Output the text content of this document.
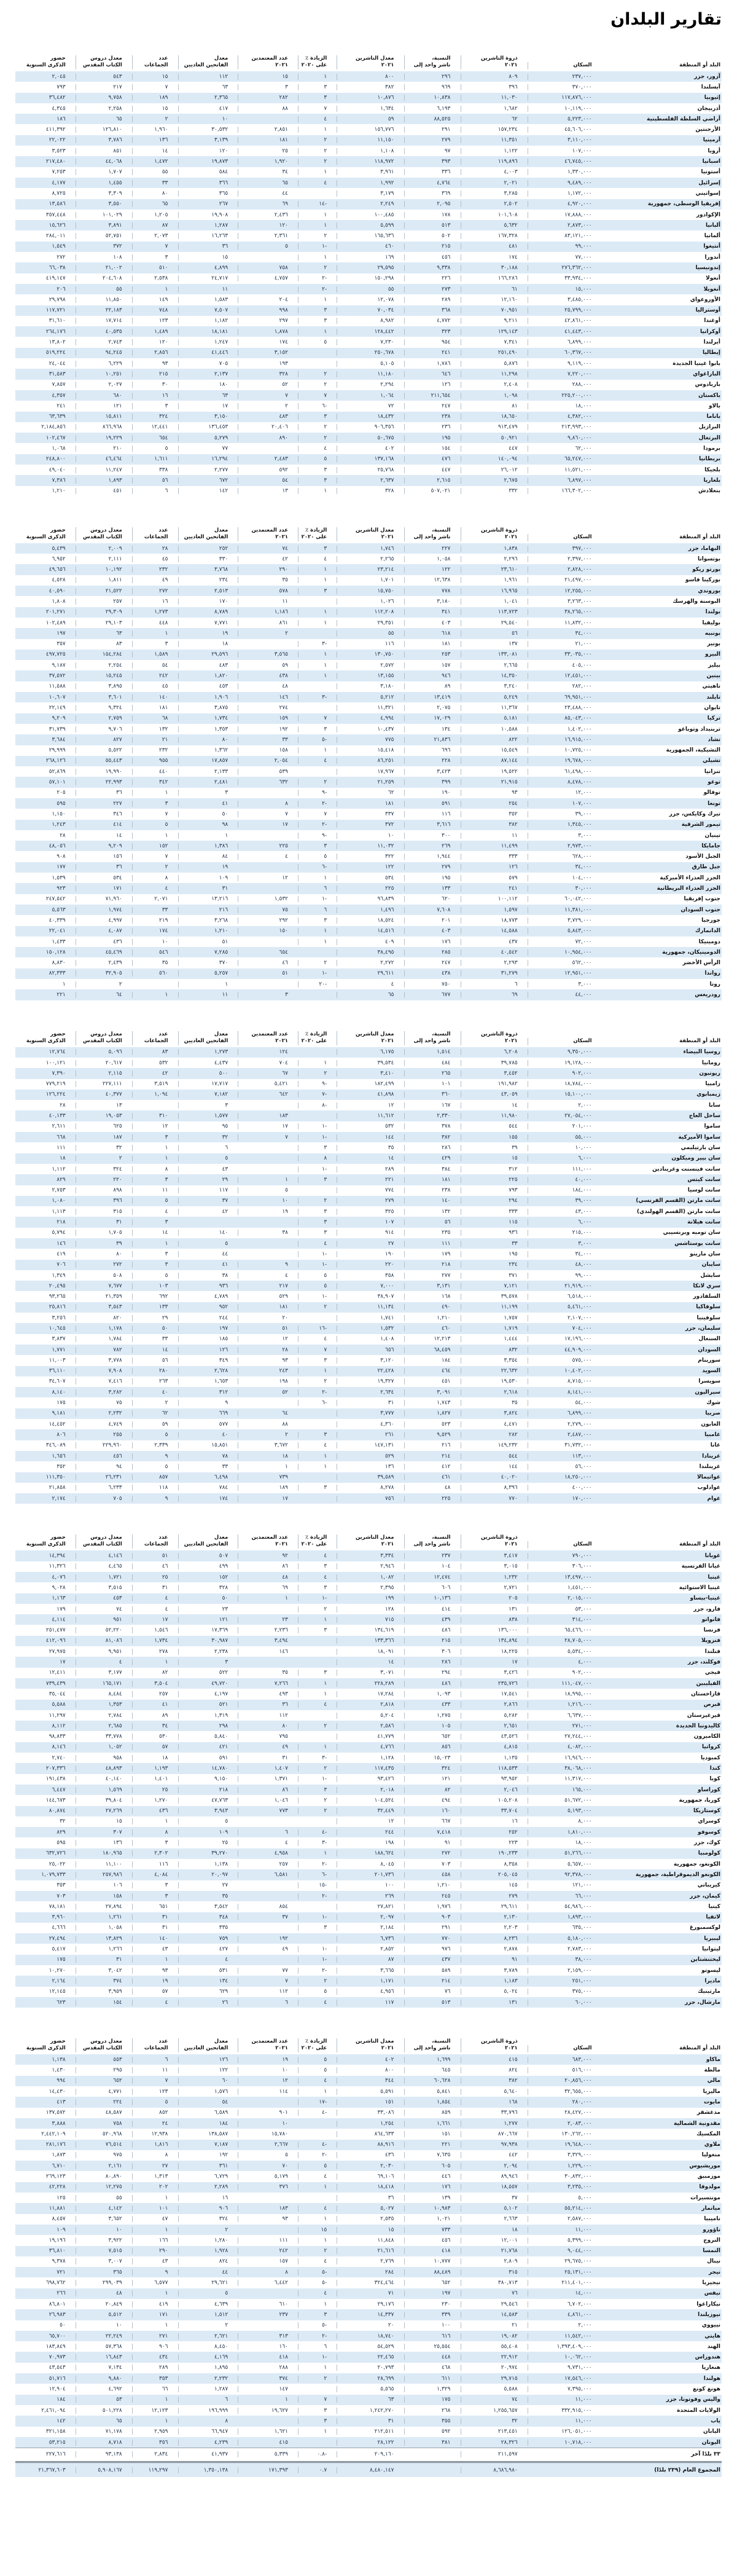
تقارير البلدان
البلد أو المنطقة
السكان
ذروة الناشرين
٢٠٢١
النسبة،
ناشر واحد إلى
معدل الناشرين
٢٠٢١
الزيادة ٪
على ٢٠٢٠
عدد المعتمدين
٢٠٢١
معدل
الفاتحين العاديين
عدد
الجماعات
معدل دروس
الكتاب المقدس
حضور
الذكرى السنوية
آزور، جزر
٢٣٧,٠٠٠
٨٠٩
٢٩٦
٨٠٠
١
١٥
١١٢
١٥
٥٤٣
٢,٠٤٥
آيسلندا
٣٧٠,٠٠٠
٣٩٦
٩٦٩
٣٨٢
٣
٣
٦٣
٧
٢١٧
٧٩٣
إثيوبيا
١١٧,٨٧٦,٠٠٠
١١,٠٣٠
١٠,٨٣٨
١٠,٨٧٦
٣
٢٨٢
٢,٣٦٥
١٨٩
٩,٧٥٨
٣٦,٤٨٢
أذربيجان
١٠,١١٩,٠٠٠
١,٦٨٢
٦,١٩٣
١,٦٣٤
٧
٨٨
٤١٧
١٥
٢,٢٥٨
٤,٣٤٥
أراضي السلطة الفلسطينية
٥,٢٢٣,٠٠٠
٦٢
٨٨,٥٢٥
٥٩
٤
١٠
٢
٦٥
١٨٦
الأرجنتين
٤٥,٦٠٦,٠٠٠
١٥٧,٢٣٤
٢٩١
١٥٦,٧٧٦
١
٢,٨٥١
٣٠,٥٣٢
١,٩٦٠
١٢٦,٨١٠
٤١١,٣٩٢
أرمينيا
٣,١١٠,٠٠٠
١١,٣٥١
٢٧٩
١١,١٥٠
٢
١٨١
٣,١٣٩
١٣٦
٣,٧٨٦
٢٢,٠٢٢
أروبا
١٠٧,٠٠٠
١,١٢٢
٩٧
١,١٠٨
٢
٢٥
١٢٠
١٤
٨٥١
٣,٥٢٣
اسبانيا
٤٦,٧٤٥,٠٠٠
١١٩,٨٩٦
٣٩٣
١١٨,٩٧٢
٢
١,٩٢٠
١٩,٨٧٣
١,٤٧٢
٤٤,٠٦٨
٢١٧,٤٨٠
أستونيا
١,٣٣٠,٠٠٠
٤,٠٠٣
٣٣٦
٣,٩٦١
١
٣٤
٥٨٤
٥٥
١,٧٠٧
٧,٢٥٣
إسرائيل
٩,٤٨٩,٠٠٠
٢,٠٢١
٤,٧٦٤
١,٩٩٢
٤
٦٥
٣٦٦
٣٣
١,٤٥٥
٤,١٧٧
إسواتيني
١,١٧٢,٠٠٠
٣,٢٨٥
٣٦٩
٣,١٧٩
٤٤
٣٦٥
٨٠
٣,٣٠٩
٨,٧٢٥
إفريقيا الوسطى، جمهورية
٤,٩٢٠,٠٠٠
٢,٥٠٢
٢,٠٩٥
٢,٢٤٩
-١٤
٦٩
٢٦٧
٦٥
٣,٥٥٠
١٣,٥٨٦
الإكوادور
١٧,٨٨٨,٠٠٠
١٠١,٦٠٨
١٧٨
١٠٠,٤٨٥
١
٢,٤٣٦
١٩,٩٠٨
١,٢٠٥
١٠١,٠٢٩
٣٥٧,٤٤٨
ألبانيا
٢,٨٧٣,٠٠٠
٥,٦٣٢
٥١٣
٥,٥٩٩
١
١٢٠
١,٢٨٧
٨٧
٣,٨٩١
١٥,٦٢٦
ألمانيا
٨٣,١٢١,٠٠٠
١٦٧,٣٢٨
٥٠٢
١٦٥,٦٣٦
٢
٢,٣٦١
١٦,٢٦٣
٢,٠٧٣
٥٢,٧٥١
٢٨٤,٠١١
أنتيغوا
٩٩,٠٠٠
٤٨١
٢١٥
٤٦٠
-١
٥
٣٦
٧
٣٧٢
١,٥٤٩
أندورا
٧٧,٠٠٠
١٧٤
٤٥٦
١٦٩
١
١٥
٣
١٠٨
٢٧٢
إندونيسيا
٢٧٦,٣٦٢,٠٠٠
٣٠,١٨٨
٩,٣٣٨
٢٩,٥٩٥
٢
٧٥٨
٤,٨٩٩
٥١٠
٢١,٠٠٢
٦٦,٠٣٨
أنغولا
٣٣,٩٣٤,٠٠٠
١٦٦,٢٨٦
٢٢٦
١٥٠,٢٩٨
-٢
٤,٧٥٧
٢٤,٧١٧
٢,٥٣٨
٢٠٤,٦٠٨
٤١٩,١٤٧
أنغويلا
١٥,٠٠٠
٦١
٢٧٣
٥٥
-٢
١١
١
٥٥
٢٠٦
الأوروغواي
٣,٤٨٥,٠٠٠
١٢,١٦٠
٢٨٩
١٢,٠٧٨
١
٢٠٤
١,٥٨٣
١٤٩
١١,٨٥٠
٢٩,٧٩٨
أوستراليا
٢٥,٧٩٩,٠٠٠
٧٠,٩٥١
٣٦٨
٧٠,٠٣٤
٣
٩٩٨
٧,٥٠٧
٧٤٨
٢٢,١٨٣
١١٧,٧٢١
أوغندا
٤٢,٨٦١,٠٠٠
٩,٢١١
٤,٧٧٢
٨,٩٨٢
٣
٢٩٧
١,١٨٢
١٢٣
١٧,٧١٤
٣١,٦١٠
أوكرانيا
٤١,٤٤٣,٠٠٠
١٢٩,١٤٣
٣٢٣
١٢٨,٤٤٢
١
١,٨٧٨
١٨,١٨١
١,٤٨٩
٤٠,٥٣٥
٢٦٤,١٧٦
أيرلندا
٦,٨٩٩,٠٠٠
٧,٣٤١
٩٥٤
٧,٢٣٠
٥
١٧٤
١,٢٤٧
١٢٠
٢,٧٤٣
١٣,٨٠٢
إيطاليا
٦٠,٣٦٧,٠٠٠
٢٥١,٤٩٠
٢٤١
٢٥٠,٦٧٨
٣,١٥٢
٤١,٤٤٦
٢,٨٥٦
٩٤,٢٤٥
٥١٩,٢٢٤
بابوا غينيا الجديدة
٩,١١٩,٠٠٠
٥,٨٧٦
١,٧٨٦
٥,١٠٥
١٩٣
٧٠٥
٩٣
٦,٢٢٩
٢٤,٠٤٤
الباراغواي
٧,٢٢٠,٠٠٠
١١,٢٩٨
٦٤٦
١١,١٨٠
٢
٣٢٨
٢,١٣٧
٢١٥
١٠,٢٥١
٣١,٥٨٣
باربادوس
٢٨٨,٠٠٠
٢,٤٠٨
١٢٦
٢,٢٩٤
٢
٥٢
١٨٠
٣٠
٢,٠٢٧
٧,٨٥٧
باكستان
٢٢٥,٢٠٠,٠٠٠
١,٠٩٨
٢١١,٦٥٤
١,٠٦٤
٧
٧
٦٣
١٦
٦٨٠
٤,٣٥٧
بالاو
١٨,٠٠٠
٨١
٢٤٧
٧٢
-٦
٢
١٧
٣
١٢١
٢٤١
باناما
٤,٣٨٢,٠٠٠
١٨,٦٥٠
٢٣٨
١٨,٤٣٢
٣
٤٨٣
٣,١٥٠
٣٢٤
١٥,٨١١
٦٣,٦٣٩
البرازيل
٢١٣,٩٩٣,٠٠٠
٩١٣,٤٧٩
٢٣٦
٩٠٦,٣٥٦
٢
٢٠,٤٠٦
١٣٦,٤٥٣
١٢,٤٤١
٨٦٦,٩٦٨
٢,١٨٤,٨٥٦
البرتغال
٩,٨٦٠,٠٠٠
٥٠,٩٢١
١٩٥
٥٠,٦٧٥
٢
٨٩٠
٥,٢٧٩
٦٥٤
١٩,٢٢٩
١٠٢,٤٦٧
برمودا
٦٢,٠٠٠
٤٤٧
١٥٤
٤٠٢
٤
٧٧
٥
٢١٠
١,٠٦٨
بريطانيا
٦٥,٢٤٧,٠٠٠
١٤٠,٠٩٤
٤٧٦
١٣٧,١٦٨
٥
٢,٤٨٣
١٦,٢٩٤
١,٦١١
٤٦,٤٦٤
٢٤٨,٨٠٠
بلجيكا
١١,٥٢١,٠٠٠
٢٦,٠١٢
٤٤٧
٢٥,٧٦٨
٣
٥٩٢
٢,٢٧٧
٣٣٨
١١,٢٤٧
٤٩,٠٤٠
بلغاريا
٦,٨٩٧,٠٠٠
٢,٦٧٥
٢,٦١٥
٢,٦٣٧
٣
٥٤
٦٧٢
٥٦
١,٨٩٣
٧,٣٨٦
بنغلادش
١٦٦,٣٠٢,٠٠٠
٣٣٢
٥٠٧,٠٢١
٣٢٨
١
١٣
١٤٢
٦
٤٥١
١,٢١٠
البلد أو المنطقة
السكان
ذروة الناشرين
٢٠٢١
النسبة،
ناشر واحد إلى
معدل الناشرين
٢٠٢١
الزيادة ٪
على ٢٠٢٠
عدد المعتمدين
٢٠٢١
معدل
الفاتحين العاديين
عدد
الجماعات
معدل دروس
الكتاب المقدس
حضور
الذكرى السنوية
البهاما، جزر
٣٩٧,٠٠٠
١,٨٣٨
٢٢٧
١,٧٤٦
٣
٧٤
٢٥٢
٢٨
٢,٠٠٩
٥,٤٣٩
بوتسوانا
٢,٣٩٧,٠٠٠
٢,٢٩٦
١,٠٥٨
٢,٢٦٥
٤
٤٢
٣٣٠
٤٥
٢,١١١
٦,٩٥٢
بورتو ريكو
٢,٨٢٨,٠٠٠
٢٣,٦١٠
١٢٢
٢٣,٢١٤
١
٢٩٠
٣,٧٦٨
٢٣٢
١٠,١٩٢
٤٩,٦٥٦
بوركينا فاسو
٢١,٤٩٧,٠٠٠
١,٩٦١
١٢,٦٣٨
١,٧٠١
١
٣٥
٢٣٤
٤٩
١,٨١١
٤,٥٢٨
بوروندي
١٢,٢٥٥,٠٠٠
١٦,٩٦٥
٧٧٨
١٥,٧٥٠
٣
٥٧٨
٢,٥١٣
٢٧٢
٢١,٥٢٢
٤٠,٥٩٠
البوسنة والهرسك
٣,٢٦٣,٠٠٠
١,٠٤١
٣,١٨٠
١,٠٢٦
١١
١٧٠
١٦
٢٥٧
١,٨٠٨
بولندا
٣٨,٢٦٥,٠٠٠
١١٣,٧٢٣
٣٤١
١١٢,٢٠٨
١
١,١٨٦
٨,٧٨٩
١,٢٧٣
٢٩,٣٠٩
٢٠١,٢٧١
بوليفيا
١١,٨٣٢,٠٠٠
٢٩,٥٤٠
٤٠٣
٢٩,٣٥١
١
٨٦١
٧,٧٧١
٤٤٨
٢٩,١٠٣
١٠٢,٤٨٩
بونبيه
٣٤,٠٠٠
٥٦
٦١٨
٥٥
٢
١٩
١
٦٣
١٩٧
بونير
٢١,٠٠٠
١٣٧
١٨١
١١٦
-٣
١٨
٣
٨٣
٣٥٧
البيرو
٣٣,٠٣٥,٠٠٠
١٣٣,٠٨١
٢٥٣
١٣٠,٧٥٠
١
٣,٥٦٥
٢٩,٥٩٦
١,٥٨٩
١٥٤,٢٨٤
٤٩٧,٧٢٥
بيليز
٤٠٥,٠٠٠
٢,٦٦٥
١٥٧
٢,٥٧٢
١
٥٩
٤٨٣
٥٤
٢,٢٥٤
٩,١٨٧
بينين
١٢,٤٥١,٠٠٠
١٤,٣٥٠
٩٤٦
١٣,١٥٥
١
٤٣٨
١,٨٢٠
٢٤٢
١٥,٢٤٥
٣٧,٥٧٢
تاهيتي
٢٨٢,٠٠٠
٣,٢٤٠
٨٩
٣,١٨٠
٤٨
٤٥٣
٤٥
٣,٨٩٥
١١,٥٨٨
تايلند
٦٩,٩٥١,٠٠٠
٥,٢٤٩
١٣,٤١٩
٥,٢١٢
-٣
١٤٦
١,٩٠٦
١٤٠
٣,٦٠١
١٠,٦٠٧
تايوان
٢٣,٤٨٨,٠٠٠
١١,٣٦٧
٢,٠٧٥
١١,٣٢١
٢٧٤
٣,٨٧٥
١٨١
٩,٣٢٤
٢٢,١٤٩
تركيا
٨٥,٠٤٣,٠٠٠
٥,١٨١
١٧,٠٢٩
٤,٩٩٤
٧
١٥٩
١,٧٣٤
٦٨
٢,٧٥٩
٩,٢٠٩
ترينيداد وتوباغو
١,٤٠٢,٠٠٠
١٠,٥٨٨
١٣٤
١٠,٤٣٧
٣
١٩٢
١,٣٥٣
١٣٢
٩,٧٠٦
٣١,٧٣٩
تشاد
١٦,٩١٥,٠٠٠
٨٢٢
٢١,٨٣٦
٧٧٥
-٥
٣٣
٨٠
٢١
٨٢٧
٣,٦٨٤
التشيكية، الجمهورية
١٠,٧٢٥,٠٠٠
١٥,٥٤٩
٦٩٦
١٥,٤١٨
١
١٥٨
١,٣٦٢
٢٣٢
٥,٥٢٢
٢٩,٩٩٩
تشيلي
١٩,٦٧٨,٠٠٠
٨٧,١٤٤
٢٢٨
٨٦,٢٥١
٤
٢,٠٥٤
١٧,٨٥٧
٩٥٥
٥٥,٤٤٣
٢٦٨,١٢٦
تنزانيا
٦١,٤٩٨,٠٠٠
١٩,٥٢٢
٣,٤٢٣
١٧,٩٦٧
٥٣٩
٢,١٣٣
٤٤٠
١٩,٩٩٠
٥٢,٨٦٩
توغو
٨,٤٧٨,٠٠٠
٢١,٩١٥
٣٩٩
٢١,٢٥٩
٢
٦٣٢
٢,٤٨١
٣٤٢
٢٢,٩٩٣
٥٧,١٠١
توفالو
١٢,٠٠٠
٩٣
١٩٠
٦٢
-٩
٣
١
٣٦
٢٠٥
تونغا
١٠٧,٠٠٠
٢٥٤
٥٩١
١٨١
-٢
٨
٤١
٣
٢٢٧
٥٩٥
تيرك وكايكس، جزر
٣٩,٠٠٠
٣٥٢
١١٦
٣٣٧
٧
٧
٥٠
٧
٣٤٦
١,١٥٠
تيمور الشرقية
١,٣٤٥,٠٠٠
٣٨٢
٣,٦١٦
٣٧٢
-٢
١٧
٩٨
٥
٤١٤
١,٢٤٣
تينيان
٣,٠٠٠
١١
٣٠٠
١٠
-٩
١
١
١٤
٢٨
جامايكا
٢,٩٧٣,٠٠٠
١١,٤٩٩
٢٦٩
١١,٠٣٢
٣
٢٢٥
١,٣٨٦
١٥٢
٩,٢٠٩
٤٨,٠٥٦
الجبل الأسود
٦٢٨,٠٠٠
٣٣٣
١,٩٤٤
٣٢٢
٥
٤
٨٤
٧
١٥٦
٩٠٨
جبل طارق
٣٤,٠٠٠
١٢٦
٢٧٩
١٢٢
-٦
١٩
٢
٣٦
١٧٧
الجزر العذراء الأميركية
١٠٤,٠٠٠
٥٧٩
١٩٥
٥٣٤
١
١٢
١٠٩
٨
٥٣٤
١,٥٣٩
الجزر العذراء البريطانية
٣٠,٠٠٠
٢٤١
١٣٣
٢٢٥
٦
٣١
٤
١٧١
٩٢٣
جنوب إفريقيا
٦٠,٠٤٢,٠٠٠
١٠٠,١١٢
٦٢٠
٩٦,٨٣٩
-١
١,٥٣٢
١٣,٢١٦
٢,٠٧١
٧١,٩٦٠
٢٤٧,٥٤٢
جنوب السودان
١١,٣٨١,٠٠٠
١,٥٩٧
٧,٦٠٨
١,٤٩٦
٦
٧٥
٢١٦
٣٣
١,٩٧٤
٥,٥٦٣
جورجيا
٣,٧٢٩,٠٠٠
١٨,٧٧٣
٢٠١
١٨,٥٢٤
٣
٢٩٢
٣,٢٦٨
٢١٩
٤,٩٩٧
٤٠,٣٣٩
الدانمارك
٥,٨٤٣,٠٠٠
١٤,٥٨٨
٤٠٣
١٤,٥١٦
١
١٥٠
١,٢١٠
١٧٤
٤,٠٨٧
٢٢,٠٤١
دومينيكا
٧٢,٠٠٠
٤٣٧
١٧٦
٤٠٩
١
٥١
١٠
٤٣٦
١,٤٣٣
الدومينيكان، جمهورية
١٠,٩٥٤,٠٠٠
٤٠,٥٤٢
٢٨٥
٣٨,٤٩٥
٦٥٤
٧,٢٨٥
٥٤٦
٤٥,٤٦٩
١٥٠,١٢٨
الرأس الأخضر
٥٦٢,٠٠٠
٢,٢٩٣
٢٤٧
٢,٢٧٢
٢
٤٦
٣٧٠
٣٥
٢,٤٣٩
٨,٨٣٠
رواندا
١٢,٩٥١,٠٠٠
٣١,٢٧٩
٤٣٨
٢٩,٦١١
-١
٥١
٥,٢٥٧
٥٦٠
٣٢,٩٠٥
٨٢,٣٣٣
روتا
٣,٠٠٠
٦
٧٥٠
٤
-٢٠
١
٢
١
رودريغس
٤٤,٠٠٠
٦٩
٦٧٧
٦٥
٣
١١
١
٦٤
٢٢١
البلد أو المنطقة
السكان
ذروة الناشرين
٢٠٢١
النسبة،
ناشر واحد إلى
معدل الناشرين
٢٠٢١
الزيادة ٪
على ٢٠٢٠
عدد المعتمدين
٢٠٢١
معدل
الفاتحين العاديين
عدد
الجماعات
معدل دروس
الكتاب المقدس
حضور
الذكرى السنوية
روسيا البيضاء
٩,٣٥٠,٠٠٠
٦,٢٠٨
١,٥١٤
٦,١٧٥
١٢٤
١,٢٧٣
٨٣
٥,٠٩٦
١٢,٧٦٤
رومانيا
١٩,١٢٨,٠٠٠
٣٩,٧٨٥
٤٨٤
٣٩,٥٣٤
١
٧٠٤
٤,٤٣٧
٥٣٢
٢٠,٦١٧
١٠٠,١٢١
ريونيون
٩٠٢,٠٠٠
٣,٤٥٢
٢٦٥
٣,٤١٠
٢
٦٧
٥٠٠
٤٢
٢,١١٥
٧,٣٩٠
زامبيا
١٨,٧٨٤,٠٠٠
١٩١,٩٨٢
١٠١
١٨٢,٤٩٩
-٩
٥,٤٢١
١٧,٧١٧
٣,٥١٩
٢٢٧,١١١
٧٧٩,٢١٩
زيمبابوي
١٥,١٠٠,٠٠٠
٤٣,٠٥٩
٣٦٠
٤١,٨٩٨
-٧
٦٤٢
٧,١٨٢
١,٠٩٤
٤٠,٣٧٧
١٢٦,٢٢٤
سابا
٢,٠٠٠
١٤
١٦٧
١٢
-٨
٣
١٣
٢٨
ساحل العاج
٢٧,٠٥٤,٠٠٠
١١,٩٨٠
٢,٣٣٠
١١,٦١٢
١٨٣
١,٥٧٧
٣١٠
١٩,٠٥٣
٤٠,١٣٣
ساموا
٢٠١,٠٠٠
٥٤٤
٣٧٨
٥٣٢
-١
١٧
٩٥
١٢
٦٢٥
٢,٦١١
ساموا الأميركية
٥٥,٠٠٠
١٥٥
٣٨٢
١٤٤
-١
٧
٣٢
٣
١٨٧
٦٦٨
سان بارتيليمي
١٠,٠٠٠
٣٩
٢٨٦
٣٥
٣
٦
١
٣٢
١١١
سان بيير وميكلون
٦,٠٠٠
١٥
٤٢٩
١٤
٨
٥
١
٢
١٨
سانت فينسنت وغرينادين
١١١,٠٠٠
٣١٢
٣٨٤
٢٨٩
-١
٤٣
٨
٣٢٤
١,١١٢
سانت كيتس
٤٠,٠٠٠
٢٢٥
١٨١
٢٢١
٣
١
٢٩
٣
٢٢٠
٨٢٩
سانت لوسيا
١٨٤,٠٠٠
٧٩٣
٢٣٨
٧٧٤
٥
١١٧
١١
٨٩٨
٢,٧٥٣
سانت مارتن (القسم الفرنسي)
٣٩,٠٠٠
٢٩٤
١٤٠
٢٧٩
٢
١٠
٣٧
٥
٣٩٦
١,٠٨٠
سانت مارتن (القسم الهولندي)
٤٣,٠٠٠
٣٣٣
١٣٢
٣٢٥
٣
١٩
٤٢
٤
٣١٥
١,١١٣
سانت هيلانة
٦,٠٠٠
١١٥
٥٦
١٠٧
٣
٣
٣١
٢١٨
سان توميه وبرنسيبي
٢١٥,٠٠٠
٩٣٦
٢٣٥
٩١٤
٣
٣٨
١٤٠
١٤
١,٧٠٥
٥,٧٩٤
سانت يوستاشس
٣,٠٠٠
٣٣
١١١
٢٧
٤
٥
١
٣٩
١٤٦
سان مارينو
٣٤,٠٠٠
١٩٥
١٧٩
١٩٠
-١
٤٤
٣
٨٠
٤١٩
سايبان
٤٨,٠٠٠
٢٣٤
٢١٨
٢٢٠
-١
٩
٤١
٣
٢٧٢
٧٠٦
سايشل
٩٩,٠٠٠
٣٧١
٢٧٧
٣٥٨
٥
٤
٣٨
٥
٥٠٨
١,٣٤٩
سري لانكا
٢١,٩١٩,٠٠٠
٧,١٢١
٣,١٣١
٧,٠٠٠
٥
٢١٧
٩٣٦
١٠٣
٧,٦٧٧
٢٠,٤٩٥
السلفادور
٦,٥١٨,٠٠٠
٣٩,٥٧٨
١٦٨
٣٨,٩٠٧
-١
٥٢٩
٤,٧٨٩
٦٩٢
٢١,٣٥٩
٩٣,٢٦٥
سلوفاكيا
٥,٤٦١,٠٠٠
١١,١٩٩
٤٩٠
١١,١٣٤
٢
١٨١
٩٥٢
١٣٣
٣,٥٤٣
٢٥,٨١٦
سلوفينيا
٢,١٠٧,٠٠٠
١,٧٥٧
١,٢١٠
١,٧٤١
٢٠
٢٤٤
٢٩
٨٢٠
٣,٢٥٦
سليمان، جزر
٧٠٤,٠٠٠
١,٧١٩
٤٦٠
١,٥٣٢
-١٦
٥١
١٩٧
٥٠
١,١٧٨
١٠,٦٤٥
السنغال
١٧,١٩٦,٠٠٠
١,٤٤٤
١٢,٢١٣
١,٤٠٨
٤
١٢
١٨٥
٣٣
١,٧٨٤
٣,٨٣٧
السودان
٤٤,٩٠٩,٠٠٠
٨٣٢
٦٨,٤٥٩
٦٥٦
٧
٢٨
١٢٦
١٤
٧٨٢
١,٧٧١
سورينام
٥٧٥,٠٠٠
٣,٣٥٤
١٨٤
٣,١٢٠
٣
٩٣
٣٤٩
٥٦
٣,٧٧٨
١١,٠٠٣
السويد
١٠,٤٠٢,٠٠٠
٢٢,٦٣٢
٤٦٤
٢٢,٤٢٨
١
٢٤٣
٢,٦٢٨
٢٨٠
٧,٩٠٨
٣٦,١١٠
سويسرا
٨,٧١٥,٠٠٠
١٩,٥٣٠
٤٥١
١٩,٣٢٧
٢
١٩٨
١,٦٥٣
٢٦٣
٧,٤١٦
٣٤,٦٠٧
سيراليون
٨,١٤١,٠٠٠
٢,٦١٨
٣,٠٩١
٢,٦٣٤
-٢
٥٢
٣١٢
٤٠
٣,٢٨٢
٨,١٤٠
شوك
٥٤,٠٠٠
٣٥
١,٧٤٣
٣١
-٦
٩
٢
٧٥
١٧٥
صربيا
٦,٨٩٩,٠٠٠
٣,٨٢٤
١,٨٢٧
٣,٧٧٧
٦٤
٦٦٩
٦٢
٢,٢٣٢
٩,١٨١
الغابون
٢,٢٧٩,٠٠٠
٤,٤٧١
٥٢٣
٤,٣٦٠
٨٨
٥٧٧
٥٩
٤,٧٤٩
١٤,٤٥٢
غامبيا
٢,٤٨٧,٠٠٠
٢٨٢
٩,٥٢٩
٢٦١
٣
٢
٤٠
٥
٢٥٥
٨٠٦
غانا
٣١,٧٣٢,٠٠٠
١٤٩,٢٣٢
٢١٦
١٤٧,١٣١
٤
٣,٦٧٢
١٥,٨٥١
٢,٣٣٩
٢٢٩,٩٦٠
٣٤٦,٠٨٩
غرينادا
١١٣,٠٠٠
٥٤٤
٢١٤
٥٢٩
١
١٨
٧٨
٩
٤٥٦
١,٦٥٦
غرينلندا
٥٦,٠٠٠
١٤٤
٤١٢
١٣٦
١
١
٣٣
٥
٩٤
٣٥٢
غواتيمالا
١٨,٢٥٠,٠٠٠
٤٠,٠٢٠
٤٦١
٣٩,٥٨٩
٧٣٩
٦,٤٩٨
٨٥٧
٢٦,٢٣١
١١١,٣٥٠
غوادلوب
٤٠٠,٠٠٠
٨,٣٩٦
٤٨
٨,٢٧٨
٣
١٨٩
٧٨٤
١١٨
٦,٢٣٣
٢١,٨٥٨
غوام
١٧٠,٠٠٠
٧٧٠
٢٢٥
٧٥٦
١٧
١٧٤
٩
٧٠٥
٢,١٧٤
البلد أو المنطقة
السكان
ذروة الناشرين
٢٠٢١
النسبة،
ناشر واحد إلى
معدل الناشرين
٢٠٢١
الزيادة ٪
على ٢٠٢٠
عدد المعتمدين
٢٠٢١
معدل
الفاتحين العاديين
عدد
الجماعات
معدل دروس
الكتاب المقدس
حضور
الذكرى السنوية
غويانا
٧٩٠,٠٠٠
٣,٤١٧
٢٣٧
٣,٣٣٤
٤
٩٢
٥٠٧
٥١
٤,١٤٦
١٤,٣٩٤
غيانا الفرنسية
٣٠٦,٠٠٠
٣,٠١٥
١٠٤
٢,٩٤٦
٣
٨٦
٤٩٩
٤٦
٤,٤٦٥
١١,٣٢٦
غينيا
١٣,٤٩٧,٠٠٠
١,٢٣٢
١٢,٤٧٤
١,٠٨٢
٤
٤٨
١٥٢
٢٥
١,٧٢١
٤,٠٧٦
غينيا الاستوائية
١,٤٥١,٠٠٠
٢,٧٢١
٦٠٦
٢,٣٩٥
٣
٦٩
٣٢٨
٣١
٣,٥١٥
٩,٠٢٨
غينيا-بيساو
٢,٠١٥,٠٠٠
٢٠٥
١٠,١٣٦
١٩٩
-١
١
٥٠
٤
٤٥٣
١,١٦٣
فارو، جزر
٥٣,٠٠٠
١٣١
٤١٤
١٢٨
٢
٢٣
٤
٧٤
١٧٩
فانواتو
٣١٤,٠٠٠
٨٣٨
٤٣٩
٧١٥
١
٢٣
١٢١
١٧
٩٥١
٤,١١٤
فرنسا
٦٥,٤٦٦,٠٠٠
١٣٦,٠٠٠
٤٨٦
١٣٤,٦١٩
٣
٢,٢٣٦
١٧,٣٦٩
١,٥٤٦
٥٢,٢٢٠
٢٥١,٤٧٧
فنزويلا
٢٨,٧٠٥,٠٠٠
١٣٤,٨٩٤
٢١٥
١٣٣,٣٦٦
٣,٤٩٤
٣٠,٩٨٧
١,٧٣٤
٨١,٠٨٦
٤١٢,٠٩٦
فنلندا
٥,٥٣٤,٠٠٠
١٨,٢٢٥
٣٠٦
١٨,٠٩١
١٤٦
٢,٢٣٨
٢٧٨
٩,٩٥١
٢٧,٩٧٥
فوكلند، جزر
٤,٠٠٠
١٧
٢٨٦
١٤
٣
١
٤
١٧
فيجي
٩٠٢,٠٠٠
٣,٤٢٦
٢٩٤
٣,٠٧١
٣
٣٥
٥٢٢
٨٢
٣,١٧٧
١٢,٤١١
الفيليبين
١١١,٠٤٧,٠٠٠
٢٣٥,٧٢٦
٤٨٦
٢٢٨,٢٨٩
١
٧,٢٦٦
٤٩,٧٢٠
٣,٥٠٤
١٦٥,١٧١
٧٣٩,٤٣٩
قازاخستان
١٨,٩٩٥,٠٠٠
١٧,٥٤١
١,٠٩٣
١٧,٢٨٤
١
٤٩٣
٤,١٩٧
٢٥٧
٨,٤٨٤
٣٥,٠٤٤
قبرص
١,٢١٦,٠٠٠
٢,٨٦٦
٤٣٣
٢,٨١٨
٤
٣٦
٥٢١
٤١
١,٣٥٣
٥,٥٨٨
قيرغيزستان
٦,٦٣٧,٠٠٠
٥,٢٨٢
١,٢٧٥
٥,٢٠٤
١١٢
١,٣١٩
٨٩
٢,٧٨٤
١١,٢٩٧
كاليدونيا الجديدة
٢٧١,٠٠٠
٢,٦٥١
١٠٥
٢,٥٨٦
٢
٨٠
٢٩٨
٣٤
٢,٦٨٥
٨,١١٢
الكاميرون
٢٧,٢٤٤,٠٠٠
٤٣,٥٢٦
٦٥٢
٤١,٧٧٩
٧٩٥
٥,٨٤٠
٥٣٠
٣٣,٧٧٨
٩٨,٨٣٣
كرواتيا
٤,٠٨٢,٠٠٠
٤,٨١٥
٨٥٦
٤,٧٦٦
١
٤٩
٤٢١
٥٧
١,٠٥٢
٨,١٤٦
كمبوديا
١٦,٩٤٦,٠٠٠
١,١٣٥
١٥,٠٢٣
١,١٢٨
-٣
٣١
٥٩١
١٨
٩٥٨
٢,٧٤٠
كندا
٣٨,٠٦٨,٠٠٠
١١٨,٥٣٣
٣٢٤
١١٧,٤٣٥
٢
١,٤٠٧
١٤,٧٨٠
١,١٩٣
٤٨,٨٩٣
٢٠٧,٣٣٦
كوبا
١١,٣١٧,٠٠٠
٩٣,٩٥٢
١٢١
٩٣,٤٢٦
-١
١,٣٧١
٩,١٥٠
١,٤٠١
٤٠,١٤٠
١٩١,٤٣٨
كوراساو
١٦٥,٠٠٠
٢,٠٤٦
٨٢
٢,٠١٨
٣
٨٦
٢١٨
٢٥
١,٥٦٩
٦,٤٤٧
كوريا، جمهورية
٥١,٦٧٢,٠٠٠
١٠٥,٢٠٨
٤٩٤
١٠٤,٥٢٤
٢
١,٠٤٦
٤٧,٧٦٣
١,٢٧٠
٣٩,٨٠٤
١٤٤,٦٧٣
كوستاريكا
٥,١٩٣,٠٠٠
٣٣,٧٠٤
١٦٠
٣٢,٤٤٩
٢
٧٧٣
٣,٩٤٣
٤٣٦
٢٧,٢٦٩
٨٠,٨٧٤
كوسراي
٨,٠٠٠
١٦
٦٦٧
١٢
٥
١
١٥
٣٢
كوسوفو
١,٨١٠,٠٠٠
٢٥٢
٧,٤١٨
٢٤٤
-٤
٦
١٠٩
٨
٣٠٧
٨٢٩
كوك، جزر
١٨,٠٠٠
٢٢٣
٩١
١٩٨
-٣
٤
٢٥
٣
١٣٦
٥٩٥
كولومبيا
٥١,٢٦٦,٠٠٠
١٩٠,٢٣٣
٢٧٢
١٨٨,٦٢٤
١
٤,٩٥٨
٣٩,٢٧٠
٢,٣٠٢
١٨٠,٩٦٥
٦٣٢,٧٢٦
الكونغو، جمهورية
٥,٦٥٧,٠٠٠
٨,٣٥٨
٧٠٣
٨,٠٤٥
-٢
٢٥٧
١,١٣٨
١١٦
١١,١٠٠
٢٥,٠٢٢
الكونغو الديموقراطية، جمهورية
٩٢,٣٧٨,٠٠٠
٢٠٥,٠٤٥
٤٥٨
٢٠١,٧٣٦
-٦
٦,٥٨١
٢٠,٠٩٧
٤,٠٨٤
٢٥٧,٩٨٦
١,٠٧٩,٧٣٣
كيريباتي
١٢١,٠٠٠
١٤٥
١,٢١٠
١٠٠
-١٥
٢٧
٣
١٠٦
٣٥٣
كيمان، جزر
٦٦,٠٠٠
٢٧٩
٢٤٥
٢٦٩
-٢
٣٥
٣
١٥٨
٧٠٣
كينيا
٥٤,٩٨٦,٠٠٠
٢٩,٦١١
١,٩٧٦
٢٧,٨٢١
٨٥٤
٣,٥٤٢
٦٥١
٢٧,٨٩٤
٧٨,١٨١
لاتفيا
١,٨٩٣,٠٠٠
٢,١٣٠
٩٠٣
٢,٠٩٧
-١
٣٧
٣٤٨
٣١
١,٢٦١
٣,٩٦٠
لوكسمبورغ
٦٣٥,٠٠٠
٢,٢٠٣
٢٩١
٢,١٨٤
٣
٣٣٥
٣١
١,٠٥٨
٤,٦٦٦
ليبيريا
٥,١٨٠,٠٠٠
٨,٢٣٦
٧٧٠
٦,٧٣٦
١٩٢
٧٥٩
١٤٠
١٣,٨٢٩
٢٧,٤٩٤
ليتوانيا
٢,٧٨٣,٠٠٠
٢,٨٧٨
٩٧٦
٢,٨٥٢
-١
٤٩
٤٢٧
٤٣
١,٢٦٦
٥,٤١٧
ليختنشتاين
٣٨,٠٠٠
٩١
٤٣٧
٨٧
-١
٤
١
٣١
١٧٥
ليسوتو
٢,١٥٩,٠٠٠
٣,٧٨٩
٥٨٩
٣,٦٦٥
-٢
٧٧
٥٣١
٩٣
٣,٠٤٢
١٠,٢٧٠
ماديرا
٢٥١,٠٠٠
١,١٨٣
٢١٤
١,١٧١
٢
٧
١٣٤
١٩
٣٧٤
٢,١٦٤
مارتينيك
٣٧٥,٠٠٠
٥,٠٢٤
٧٦
٤,٩٥٦
٥
١١٢
٦٢٩
٥٧
٣,٩٥٩
١٢,١٤٥
مارشال، جزر
٦٠,٠٠٠
١٣١
٥١٣
١١٧
٤
٦
٢٦
٤
١٥٤
٦٢٣
البلد أو المنطقة
السكان
ذروة الناشرين
٢٠٢١
النسبة،
ناشر واحد إلى
معدل الناشرين
٢٠٢١
الزيادة ٪
على ٢٠٢٠
عدد المعتمدين
٢٠٢١
معدل
الفاتحين العاديين
عدد
الجماعات
معدل دروس
الكتاب المقدس
حضور
الذكرى السنوية
ماكاو
٦٨٣,٠٠٠
٤١٥
١,٦٩٩
٤٠٢
٥
١٩
١٢٦
٦
٥٥٣
١,١٣٨
مالطة
٥١٦,٠٠٠
٨٢٤
٦٤٥
٨٠٠
٥
١٠
١٢٢
١١
٢٩٥
١,٤٣٠
مالي
٢٠,٨٥٦,٠٠٠
٣٨٢
٦٠,٦٢٨
٣٤٤
٤
١٢
٦٠
٧
٦٥٢
٩٩٤
ماليزيا
٣٢,٦٥٥,٠٠٠
٥,٦٤٠
٥,٨٤١
٥,٥٩١
١
١١٤
١,٥٧٦
١٢٣
٤,٧٧١
١٤,٤٣٠
مايوت
٢٨٠,٠٠٠
١٦٨
١,٨٥٤
١٥١
-١٧
٥٤
٥
٢٢٤
٤١٣
مدغشقر
٢٨,٤٢٧,٠٠٠
٣٣,٧٩٦
٨٥٩
٣٣,٠٨٦
-٤
٩٠١
٦,٥٨٩
٨٥٢
٤٨,٥٨٧
١٣٧,٥٧٢
مقدونية الشمالية
٢,٠٨٣,٠٠٠
١,٢٧٧
١,٦٦١
١,٢٥٤
١٠
١٨٤
٢٤
٧٥٨
٣,٨٨٨
المكسيك
١٣٠,٢٦٢,٠٠٠
٨٧٠,٦٦٧
١٥١
٨٦٤,٦٣٣
١٥,٧٨٠
١٣٨,٥٨٧
١٢,٩٣٨
٥٢٠,٩٦٨
٢,٤٤٢,١٠٩
ملاوي
١٩,٦٤٨,٠٠٠
٩٧,٩٣٨
٢٢١
٨٨,٩١٦
-٤
٢,٦٦٧
٧,١٨٧
١,٨١٦
٧٦,٥١٤
٢٨١,١٧٦
منغوليا
٣,٣٢٩,٠٠٠
٤٤٢
٧,٦٣٥
٤٣٦
-٢
٥
١٩٢
٨
٩٧٥
١,٨٧٣
موريشيوس
١,٢٢٩,٠٠٠
٢,٠٩٤
٦٠٥
٢,٠٣٠
٥
٧٠
٣٦١
٢٧
٢,١٦١
٦,٧١٠
موزمبيق
٣٠,٨٣٢,٠٠٠
٨٩,٩٤٦
٤٤٦
٦٩,١٠٦
٤
٥,١٧٩
٦,٧٢٩
١,٣١٣
٨٠,٨٩٠
٢٦٩,١٢٣
مولدوفا
٣,٢٣٥,٠٠٠
١٨,٥٥٧
١٧٦
١٨,٤١٨
١
٣٧٦
٢,٢٨٩
٢٠٢
١٢,٢٧٥
٤٢,٢٢٨
مونتسيرات
٥,٠٠٠
٣٧
١٣٩
٣٦
١٦
١
٥٥
١٢٥
ميانمار
٥٥,٢١٤,٠٠٠
٥,١٠٢
١٠,٩٨٣
٥,٠٢٧
٤
١٨٣
٩٠٦
١٠١
٤,١٤٢
١١,٨٨١
ناميبيا
٢,٥٨٧,٠٠٠
٢,٦٦٣
١,٠٢١
٢,٥٣٥
١
٩٣
٣٢٤
٤٧
٣,٦٥٢
٨,٤٥٧
ناؤورو
١١,٠٠٠
١٨
٧٣٣
١٥
١٥
٢
١
١٠
١٠٩
النروج
٥,٣٩٩,٠٠٠
١٢,٠٠١
٤٥٦
١١,٨٤٨
١
١١١
١,٢٨٠
١٦٦
٣,٩٢٢
١٩,١٩٦
النمسا
٩,٠٤٤,٠٠٠
٢١,٧٦٨
٤١٨
٢١,٦١٦
٢
٢٤٢
١,٩٢٨
٢٩٠
٧,٥١٥
٣٦,٨١٠
نيبال
٢٩,٦٧٥,٠٠٠
٢,٨٠٩
١٠,٧٧٧
٢,٧٦٩
٤
١٥٧
٨٢٤
٤٣
٣,٠٠٧
٩,٣٧٨
نيجر
٢٥,١٣١,٠٠٠
٣١٥
٨٨,٤٨٩
٢٨٤
-٥
٨
٤٤
٩
٣٦٥
٧٢١
نيجيريا
٢١١,٤٠١,٠٠٠
٣٨٠,٧١٣
٦٥٢
٣٢٤,٤٦٤
-٥
٦,٤٤٢
٢٩,٦٢١
٦,٥٧٧
٢٩٩,٠٣٩
٦٩٨,٧٦٢
نيفس
١٤,٠٠٠
٧٦
١٩٧
٧١
٤
٥
١
٤٨
٢٦٦
نيكاراغوا
٦,٧٠٢,٠٠٠
٢٩,٥٤٦
٢٣٠
٢٩,١٧٦
١
٦١٠
٤,٦٣٩
٤١٩
٢٠,٨٤٩
٨٦,٨٠١
نيوزيلندا
٤,٨٦١,٠٠٠
١٤,٥٨٣
٣٣٩
١٤,٣٣٧
٣
٢٣٧
١,٥١٢
١٧١
٥,٥١٢
٢٦,٩٨٣
نييووي
٢,٠٠٠
٢١
١٠٠
٢٠
-٥
٢
١
١٠
٥٠
هايتي
١١,٥٤٢,٠٠٠
١٩,٠٨٢
٦١٦
١٨,٧٤٠
-٢
٣١٣
٢,٦٢١
٢٧١
٢٢,٢٤٩
٦٥,٧٠٠
الهند
١,٣٩٣,٤٠٩,٠٠٠
٥٥,٤٠٨
٢٥,٥٥٤
٥٤,٥٢٩
٦
١٦٠
٨,٤٥٠
٩٠٦
٥٧,٣٦٨
١٨٣,٨٤٩
هندوراس
١٠,٠٦٢,٠٠٠
٢٢,٩١٢
٤٤٨
٢٢,٤٦٥
-١
٤١٨
٤,١٦٩
٤٣٤
١٦,٨٤٣
٧٠,٩٧٣
هنغاريا
٩,٧٣١,٠٠٠
٢٠,٩٧٤
٤٦٨
٢٠,٧٩٣
١
٢٨٨
١,٨٩٥
٢٨٩
٧,١٣٤
٤٣,٥٤٣
هولندا
١٧,٥٤٦,٠٠٠
٢٩,٧١٥
٦١١
٢٨,٦٩٩
٢
٣٧٤
٢,٢٣٢
٣٥٣
٩,٨٨٠
٥١,٧١٦
هونغ كونغ
٧,٣٩٥,٠٠٠
٥,٥٨٨
١,٣٢٩
٥,٥٦٥
١٤٧
١,٢٨٧
٦٦
٤,٦٩٢
١٢,٩٠٤
واليس وفوتونا، جزر
١١,٠٠٠
٧٤
١٧٥
٦٣
٧
١
٦
١
٥٣
١٨٤
الولايات المتحدة
٣٣٢,٩١٥,٠٠٠
١,٢٥٥,٦٥٧
٢٦٨
١,٢٤٢,٢٧٠
٣
١٩,٦٢٧
١٩٦,٩٩٩
١٢,١٢٣
٥٠١,٢٢٨
٢,٤٦١,٠٩٤
ياب
١١,٠٠٠
٣٢
٣٥٥
٣١
٣
٨
١
٦٥
١٤٢
اليابان
١٢٦,٠٥١,٠٠٠
٢١٣,٤٥١
٥٩٢
٢١٢,٥١١
١
١,٦٢١
٦٦,٩٤٧
٢,٩٥٩
٧١,١٧٨
٣٢١,١٥٨
اليونان
١٠,٧١٨,٠٠٠
٢٨,٣٢٦
٣٨١
٢٨,١٢٢
٤١٥
٤,٢٣٩
٣٥٦
٨,٧١٨
٥٣,٢١٥
٣٣ بلدًا آخر
٢١١,٥٩٧
٢٠٩,١٦٠
-٠.٨
٥,٣٣٩
٤١,٩٣٧
٢,٨٣٤
٩٣,١٣٨
٢٢٧,٦١٦
المجموع العام (٢٣٩ بلدًا)
٨,٦٨٦,٩٨٠
٨,٤٨٠,١٤٧
٠.٧
١٧١,٣٩٣
١,٣٥٠,١٣٨
١١٩,٢٩٧
٥,٩٠٨,١٦٧
٢١,٣٦٧,٦٠٣
